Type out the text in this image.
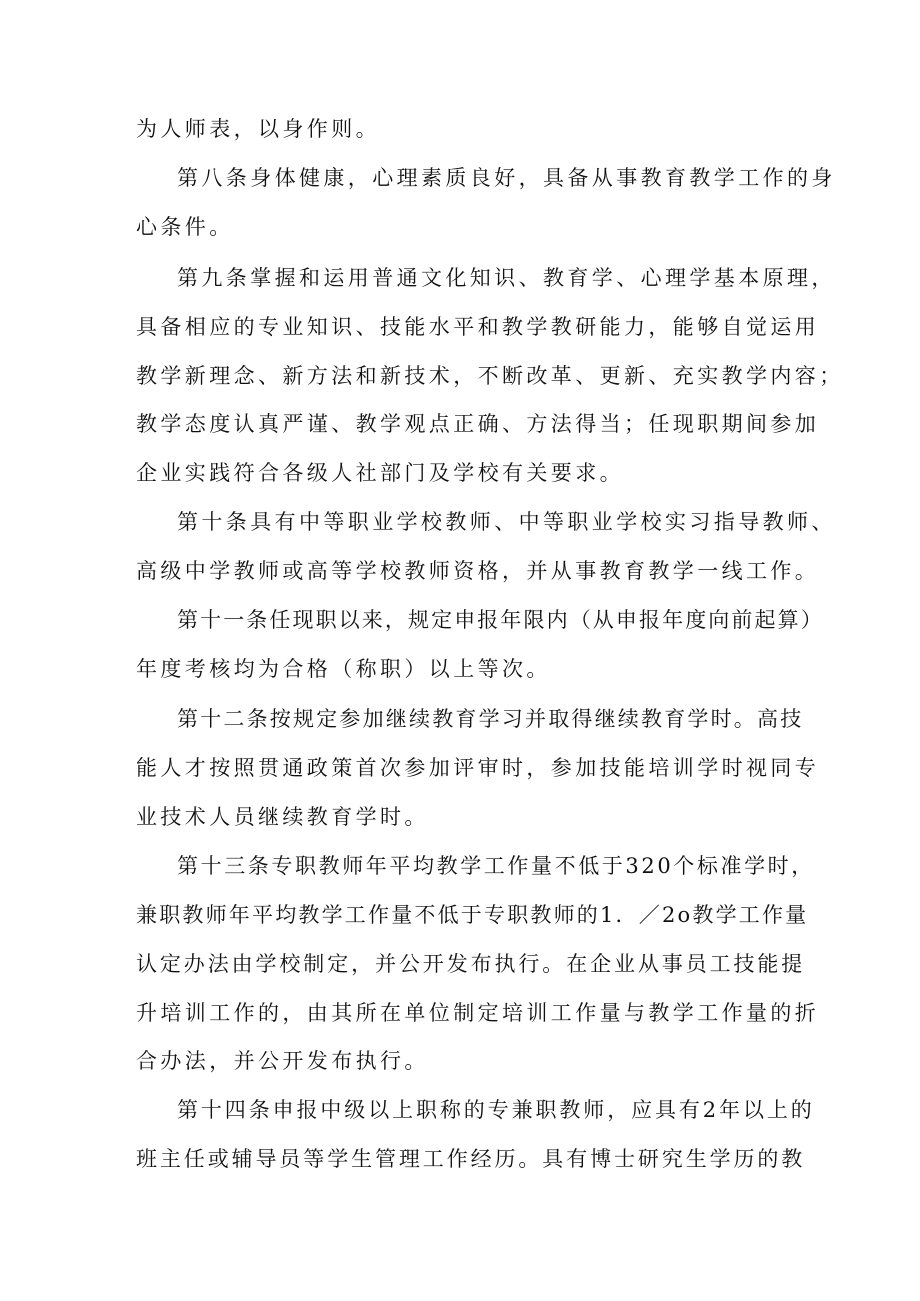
为人师表，以身作则。
第八条身体健康，心理素质良好，具备从事教育教学工作的身
心条件。
第九条掌握和运用普通文化知识、教育学、心理学基本原理，
具备相应的专业知识、技能水平和教学教研能力，能够自觉运用
教学新理念、新方法和新技术，不断改革、更新、充实教学内容；
教学态度认真严谨、教学观点正确、方法得当；任现职期间参加
企业实践符合各级人社部门及学校有关要求。
第十条具有中等职业学校教师、中等职业学校实习指导教师、
高级中学教师或高等学校教师资格，并从事教育教学一线工作。
第十一条任现职以来，规定申报年限内（从申报年度向前起算）
年度考核均为合格（称职）以上等次。
第十二条按规定参加继续教育学习并取得继续教育学时。高技
能人才按照贯通政策首次参加评审时，参加技能培训学时视同专
业技术人员继续教育学时。
第十三条专职教师年平均教学工作量不低于320个标准学时，
兼职教师年平均教学工作量不低于专职教师的1．／2o教学工作量
认定办法由学校制定，并公开发布执行。在企业从事员工技能提
升培训工作的，由其所在单位制定培训工作量与教学工作量的折
合办法，并公开发布执行。
第十四条申报中级以上职称的专兼职教师，应具有2年以上的
班主任或辅导员等学生管理工作经历。具有博士研究生学历的教
